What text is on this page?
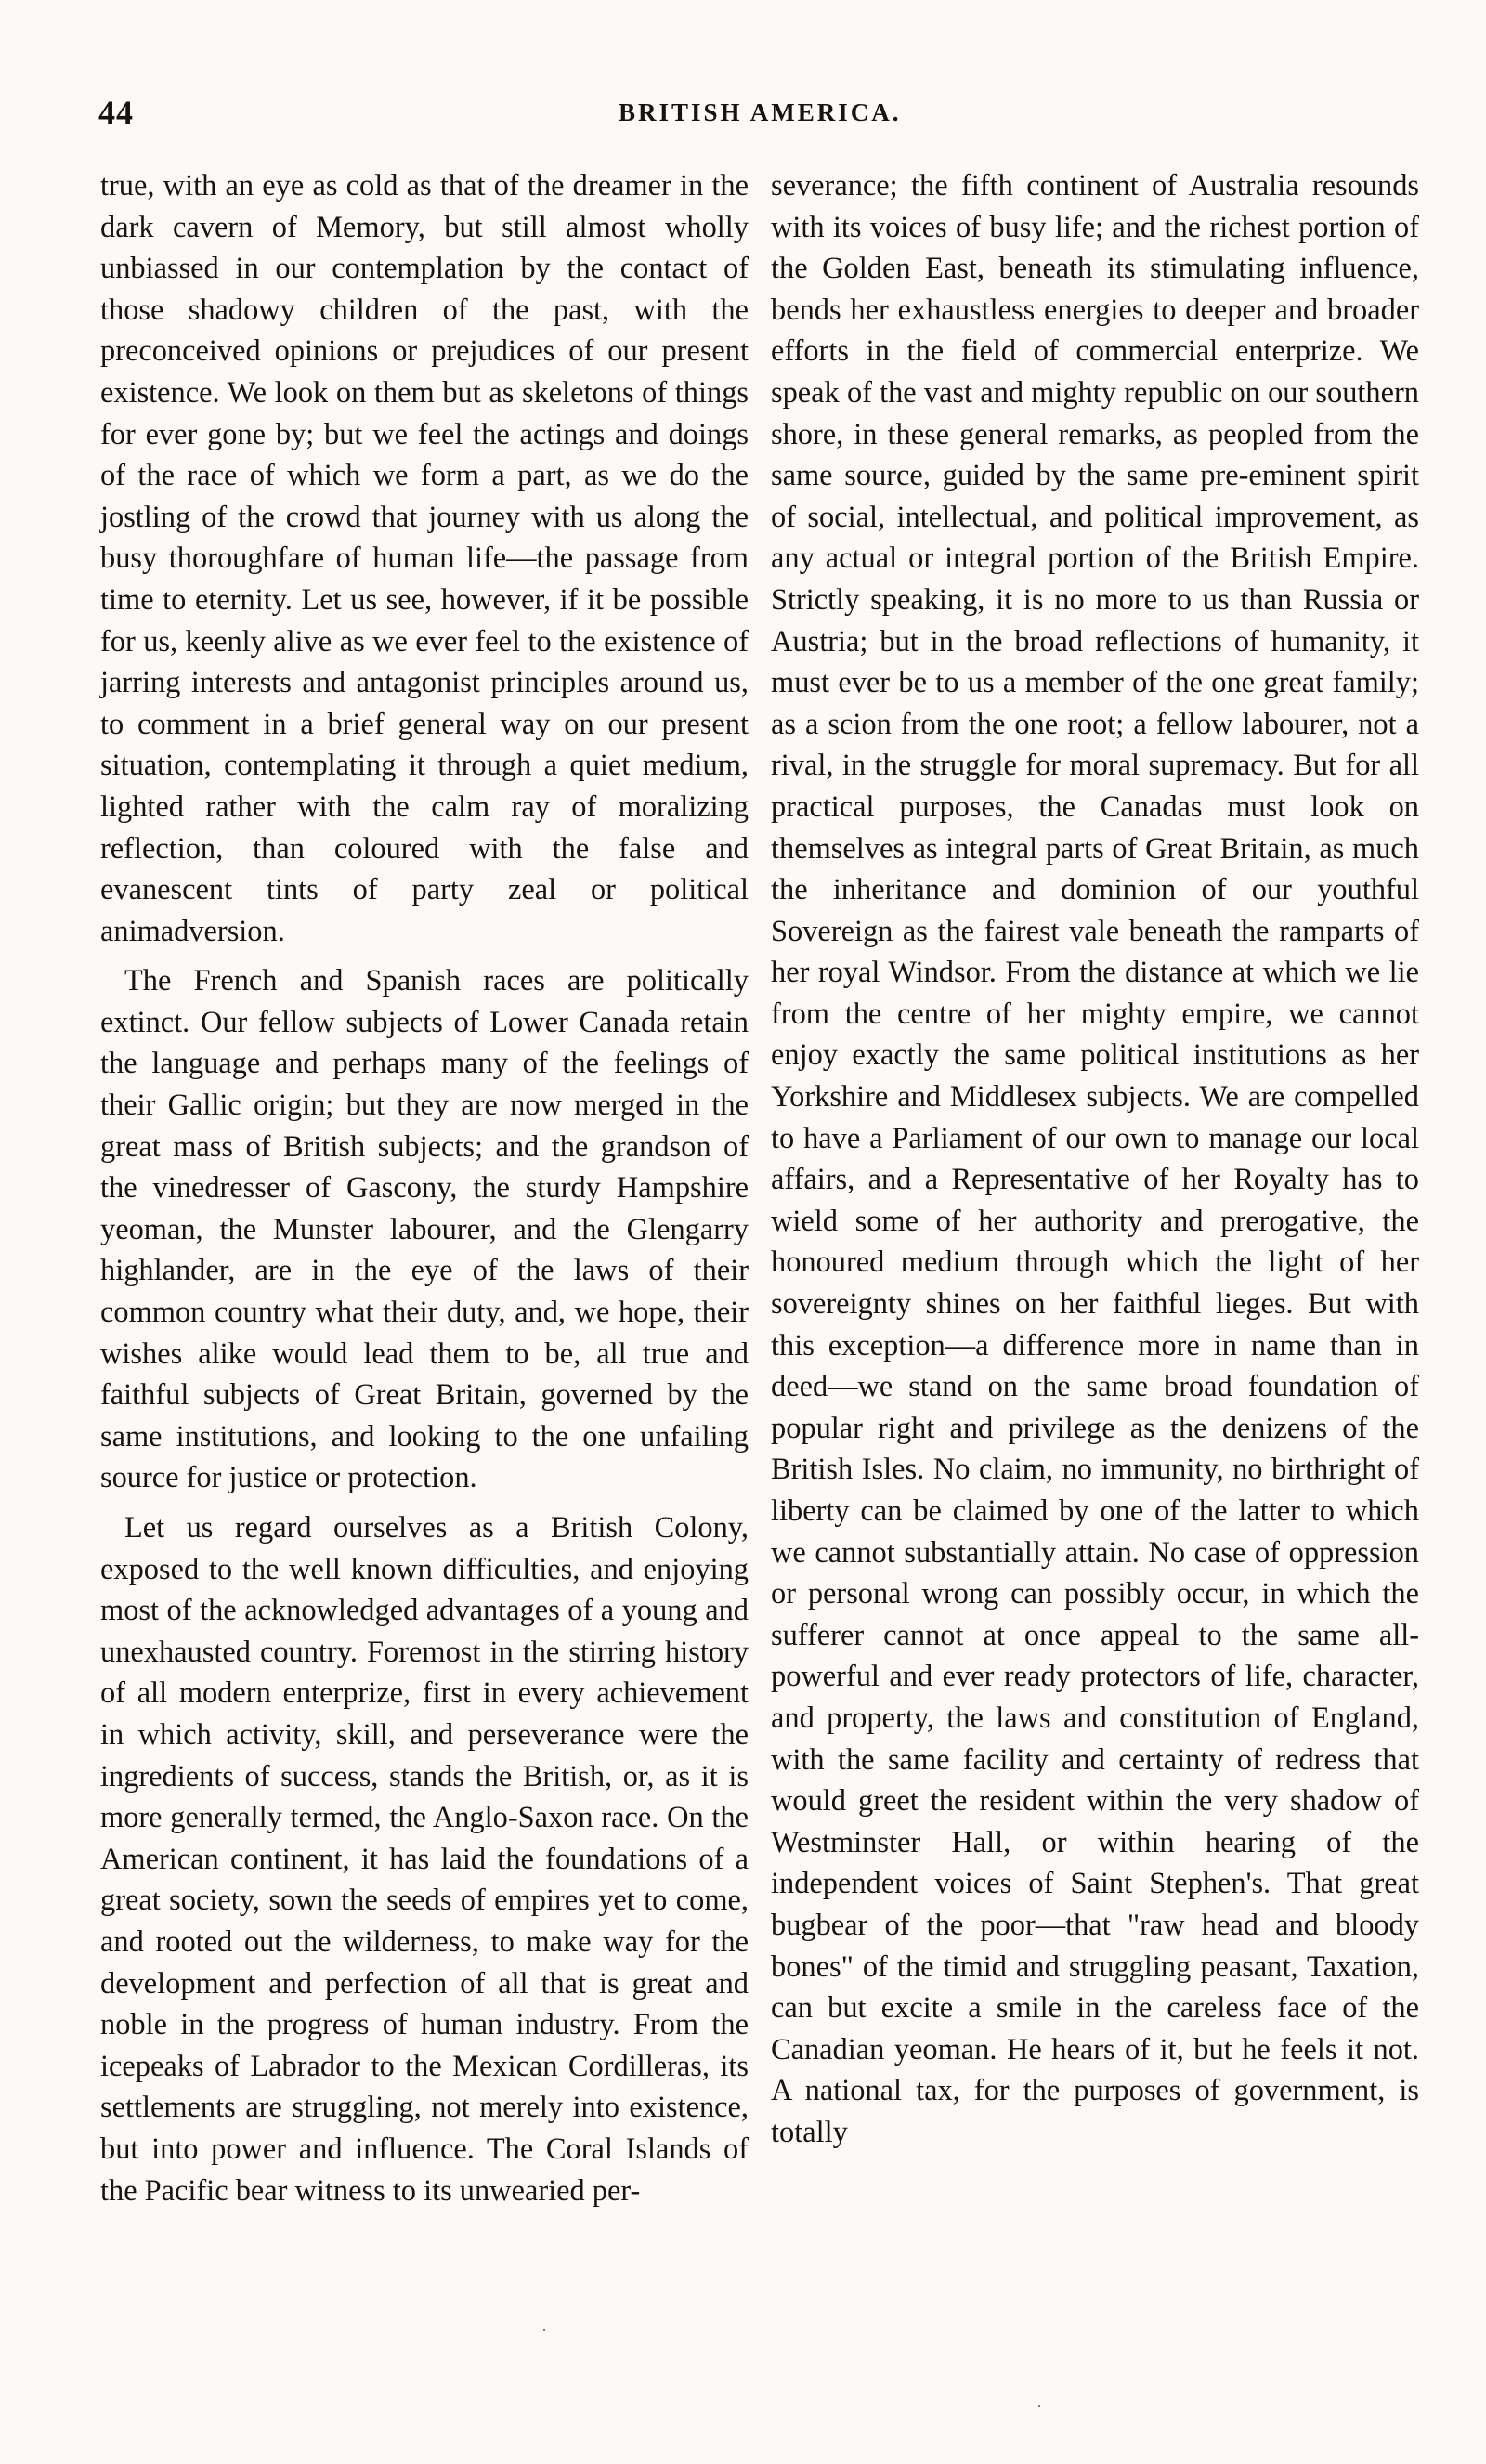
44	BRITISH AMERICA.

true, with an eye as cold as that of the dreamer in the dark cavern of Memory, but still almost wholly unbiassed in our contemplation by the contact of those shadowy children of the past, with the preconceived opinions or prejudices of our present existence. We look on them but as skeletons of things for ever gone by; but we feel the actings and doings of the race of which we form a part, as we do the jostling of the crowd that journey with us along the busy thoroughfare of human life—the passage from time to eternity. Let us see, however, if it be possible for us, keenly alive as we ever feel to the existence of jarring interests and antagonist principles around us, to comment in a brief general way on our present situation, contemplating it through a quiet medium, lighted rather with the calm ray of moralizing reflection, than coloured with the false and evanescent tints of party zeal or political animadversion.

The French and Spanish races are politically extinct. Our fellow subjects of Lower Canada retain the language and perhaps many of the feelings of their Gallic origin; but they are now merged in the great mass of British subjects; and the grandson of the vinedresser of Gascony, the sturdy Hampshire yeoman, the Munster labourer, and the Glengarry highlander, are in the eye of the laws of their common country what their duty, and, we hope, their wishes alike would lead them to be, all true and faithful subjects of Great Britain, governed by the same institutions, and looking to the one unfailing source for justice or protection.

Let us regard ourselves as a British Colony, exposed to the well known difficulties, and enjoying most of the acknowledged advantages of a young and unexhausted country. Foremost in the stirring history of all modern enterprize, first in every achievement in which activity, skill, and perseverance were the ingredients of success, stands the British, or, as it is more generally termed, the Anglo-Saxon race. On the American continent, it has laid the foundations of a great society, sown the seeds of empires yet to come, and rooted out the wilderness, to make way for the development and perfection of all that is great and noble in the progress of human industry. From the icepeaks of Labrador to the Mexican Cordilleras, its settlements are struggling, not merely into existence, but into power and influence. The Coral Islands of the Pacific bear witness to its unwearied per-

severance; the fifth continent of Australia resounds with its voices of busy life; and the richest portion of the Golden East, beneath its stimulating influence, bends her exhaustless energies to deeper and broader efforts in the field of commercial enterprize. We speak of the vast and mighty republic on our southern shore, in these general remarks, as peopled from the same source, guided by the same pre-eminent spirit of social, intellectual, and political improvement, as any actual or integral portion of the British Empire. Strictly speaking, it is no more to us than Russia or Austria; but in the broad reflections of humanity, it must ever be to us a member of the one great family; as a scion from the one root; a fellow labourer, not a rival, in the struggle for moral supremacy. But for all practical purposes, the Canadas must look on themselves as integral parts of Great Britain, as much the inheritance and dominion of our youthful Sovereign as the fairest vale beneath the ramparts of her royal Windsor. From the distance at which we lie from the centre of her mighty empire, we cannot enjoy exactly the same political institutions as her Yorkshire and Middlesex subjects. We are compelled to have a Parliament of our own to manage our local affairs, and a Representative of her Royalty has to wield some of her authority and prerogative, the honoured medium through which the light of her sovereignty shines on her faithful lieges. But with this exception—a difference more in name than in deed—we stand on the same broad foundation of popular right and privilege as the denizens of the British Isles. No claim, no immunity, no birthright of liberty can be claimed by one of the latter to which we cannot substantially attain. No case of oppression or personal wrong can possibly occur, in which the sufferer cannot at once appeal to the same all-powerful and ever ready protectors of life, character, and property, the laws and constitution of England, with the same facility and certainty of redress that would greet the resident within the very shadow of Westminster Hall, or within hearing of the independent voices of Saint Stephen's. That great bugbear of the poor—that "raw head and bloody bones" of the timid and struggling peasant, Taxation, can but excite a smile in the careless face of the Canadian yeoman. He hears of it, but he feels it not. A national tax, for the purposes of government, is totally
